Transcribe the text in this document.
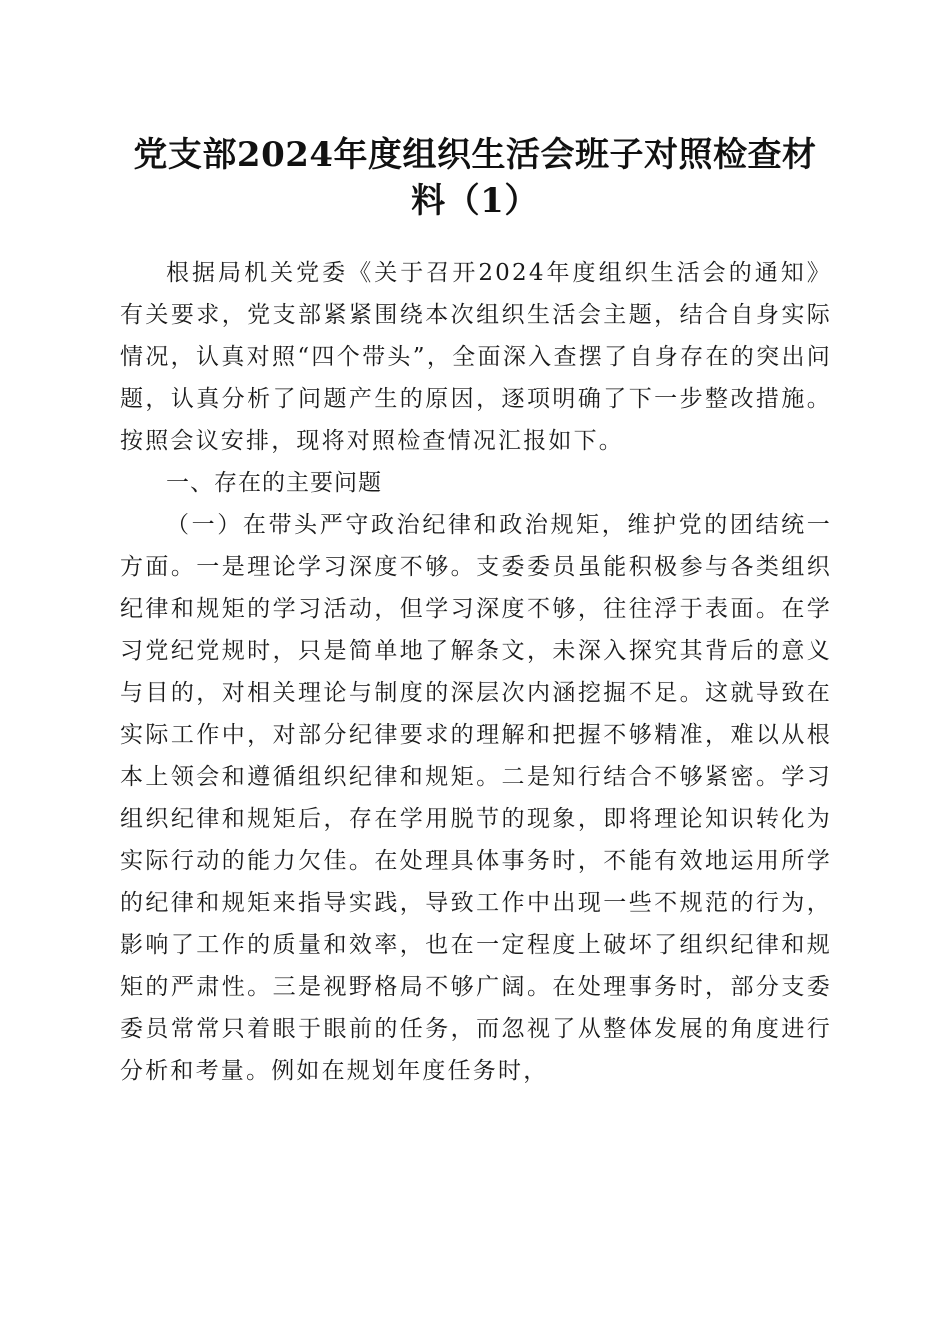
党支部2024年度组织生活会班子对照检查材
料（1）

根据局机关党委《关于召开2024年度组织生活会的通知》有关要求，党支部紧紧围绕本次组织生活会主题，结合自身实际情况，认真对照“四个带头”，全面深入查摆了自身存在的突出问题，认真分析了问题产生的原因，逐项明确了下一步整改措施。按照会议安排，现将对照检查情况汇报如下。

一、存在的主要问题

（一）在带头严守政治纪律和政治规矩，维护党的团结统一方面。一是理论学习深度不够。支委委员虽能积极参与各类组织纪律和规矩的学习活动，但学习深度不够，往往浮于表面。在学习党纪党规时，只是简单地了解条文，未深入探究其背后的意义与目的，对相关理论与制度的深层次内涵挖掘不足。这就导致在实际工作中，对部分纪律要求的理解和把握不够精准，难以从根本上领会和遵循组织纪律和规矩。二是知行结合不够紧密。学习组织纪律和规矩后，存在学用脱节的现象，即将理论知识转化为实际行动的能力欠佳。在处理具体事务时，不能有效地运用所学的纪律和规矩来指导实践，导致工作中出现一些不规范的行为，影响了工作的质量和效率，也在一定程度上破坏了组织纪律和规矩的严肃性。三是视野格局不够广阔。在处理事务时，部分支委委员常常只着眼于眼前的任务，而忽视了从整体发展的角度进行分析和考量。例如在规划年度任务时，
